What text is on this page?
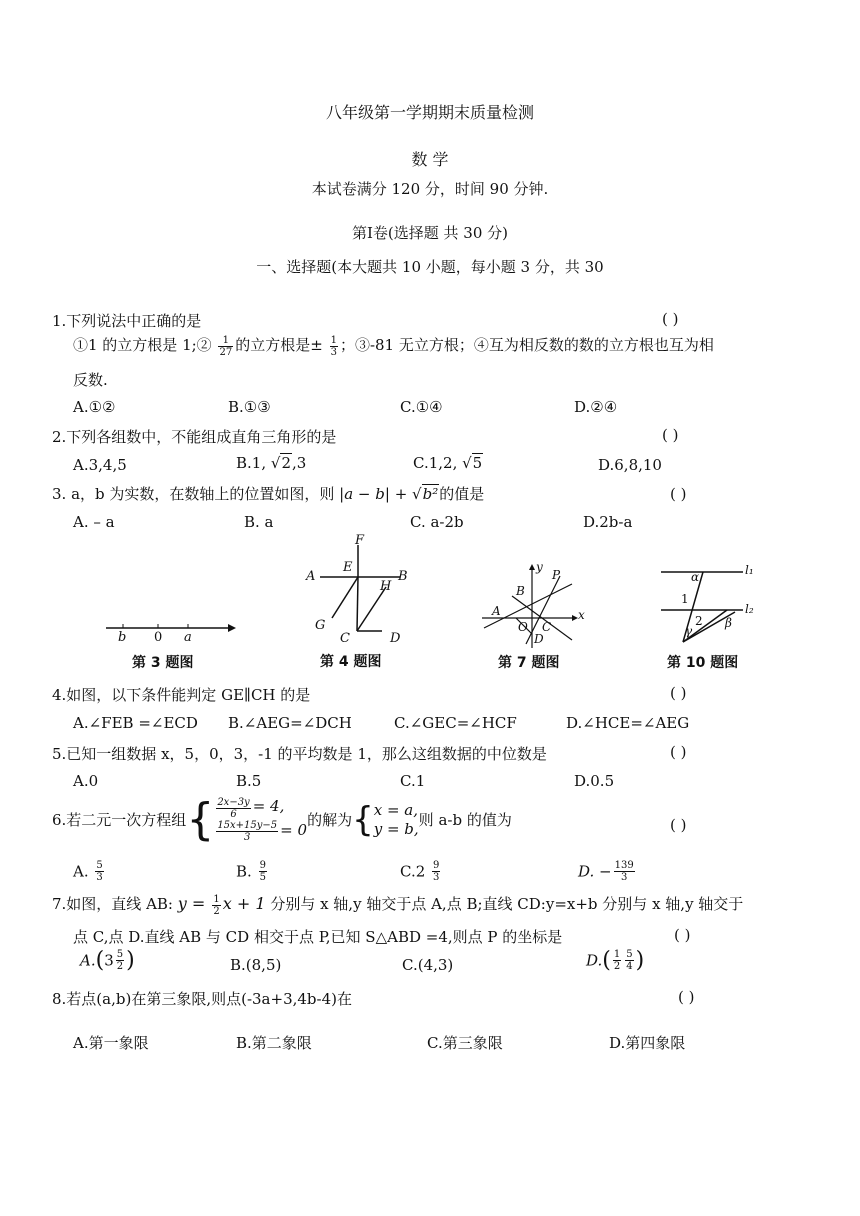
八年级第一学期期末质量检测
数 学
本试卷满分 120 分，时间 90 分钟.
第Ⅰ卷(选择题 共 30 分)
一、选择题(本大题共 10 小题，每小题 3 分，共 30
1.下列说法中正确的是	( )
①1 的立方根是 1;② $\frac{1}{27}$ 的立方根是± $\frac{1}{3}$ ；③-81 无立方根；④互为相反数的数的立方根也互为相
反数.
A.①②	B.①③	C.①④	D.②④
2.下列各组数中，不能组成直角三角形的是	( )
A.3,4,5	B.1, √2,3	C.1,2, √5	D.6,8,10
3. a，b 为实数，在数轴上的位置如图，则 |a − b| + √b²的值是	( )
A. – a	B. a	C. a-2b	D.2b-a
b 0 a
第 3 题图
F
A
E
B
H
G
C	D
第 4 题图
y
P
B
A	x
O C
D
第 7 题图
α	l₁
1
l₂
2
γ
β
第 10 题图
4.如图，以下条件能判定 GE∥CH 的是	( )
A.∠FEB =∠ECD B.∠AEG=∠DCH	C.∠GEC=∠HCF	D.∠HCE=∠AEG
5.已知一组数据 x，5，0，3，-1 的平均数是 1，那么这组数据的中位数是	( )
A.0	B.5	C.1	D.0.5
6.若二元一次方程组{ $\frac{2x-3y}{6} = 4$,
$\frac{15x+15y-5}{3} = 0$
的解为{ x = a,
y = b, 则 a-b 的值为	( )
A. $\frac{5}{3}$	B. $\frac{9}{5}$	$C.2 \frac{9}{3}$	D. − $\frac{139}{3}$
7.如图，直线 AB: $y = \frac{1}{2}$ x + 1 分别与 x 轴,y 轴交于点 A,点 B;直线 CD:y=x+b 分别与 x 轴,y 轴交于
点 C,点 D.直线 AB 与 CD 相交于点 P,已知 S△ABD =4,则点 P 的坐标是	( )
$A.(3 \frac{5}{2}$ )	B.(8,5)	C.(4,3)	$D.( \frac{1}{2} \frac{5}{4}$ )
8.若点(a,b)在第三象限,则点(-3a+3,4b-4)在	( )
A.第一象限	B.第二象限	C.第三象限	D.第四象限
